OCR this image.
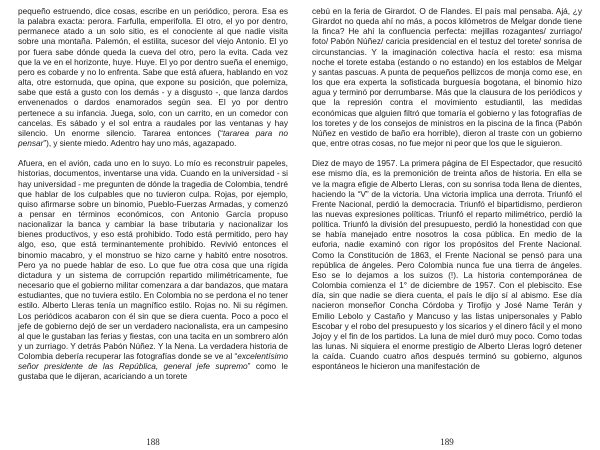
pequeño estruendo, dice cosas, escribe en un periódico, perora. Esa es la palabra exacta: perora. Farfulla, emperifolla. El otro, el yo por dentro, permanece atado a un solo sitio, es el conociente al que nadie visita sobre una montaña. Palemón, el estilita, sucesor del viejo Antonio. El yo por fuera sabe dónde queda la cueva del otro, pero la evita. Cada vez que la ve en el horizonte, huye. Huye. El yo por dentro sueña el enemigo, pero es cobarde y no lo enfrenta. Sabe que está afuera, hablando en voz alta, otre estornuda, que opina, que expone su posición, que polemiza, sabe que está a gusto con los demás - y a disgusto -, que lanza dardos envenenados o dardos enamorados según sea. El yo por dentro pertenece a su infancia. Juega, solo, con un carrito, en un comedor con cancelas. Es sábado y el sol entra a raudales por las ventanas y hay silencio. Un enorme silencio. Tararea entonces (“tararea para no pensar”), y siente miedo. Adentro hay uno más, agazapado.

Afuera, en el avión, cada uno en lo suyo. Lo mío es reconstruir papeles, historias, documentos, inventarse una vida. Cuando en la universidad - si hay universidad - me pregunten de dónde la tragedia de Colombia, tendré que hablar de los culpables que no tuvieron culpa. Rojas, por ejemplo, quiso afirmarse sobre un binomio, Pueblo-Fuerzas Armadas, y comenzó a pensar en términos económicos, con Antonio García propuso nacionalizar la banca y cambiar la base tributaria y nacionalizar los bienes productivos, y eso está prohibido. Todo está permitido, pero hay algo, eso, que está terminantemente prohibido. Revivió entonces el binomio macabro, y el monstruo se hizo carne y habitó entre nosotros. Pero ya no puede hablar de eso. Lo que fue otra cosa que una rígida dictadura y un sistema de corrupción repartido milimétricamente, fue necesario que el gobierno militar comenzara a dar bandazos, que matara estudiantes, que no tuviera estilo. En Colombia no se perdona el no tener estilo. Alberto Lleras tenía un magnífico estilo. Rojas no. Ni su régimen. Los periódicos acabaron con él sin que se diera cuenta. Poco a poco el jefe de gobierno dejó de ser un verdadero nacionalista, era un campesino al que le gustaban las ferias y fiestas, con una tacita en un sombrero alón y un zurriago. Y detrás Pabón Núñez. Y la Nena. La verdadera historia de Colombia debería recuperar las fotografías donde se ve al “excelentísimo señor presidente de las República, general jefe supremo” como le gustaba que le dijeran, acariciando a un torete

188

cebú en la feria de Girardot. O de Flandes. El país mal pensaba. Ajá, ¿y Girardot no queda ahí no más, a pocos kilómetros de Melgar donde tiene la finca? He ahí la confluencia perfecta: mejillas rozagantes/ zurriago/ foto/ Pabón Núñez/ caricia presidencial en el testuz del torete/ sonrisa de circunstancias. Y la imaginación colectiva hacía el resto: esa misma noche el torete estaba (estando o no estando) en los establos de Melgar y santas pascuas. A punta de pequeños pellizcos de monja como ese, en los que era experta la sofisticada burguesía bogotana, el binomio hizo agua y terminó por derrumbarse. Más que la clausura de los periódicos y que la represión contra el movimiento estudiantil, las medidas económicas que alguien filtró que tomaría el gobierno y las fotografías de los toretes y de los consejos de ministros en la piscina de la finca (Pabón Núñez en vestido de baño era horrible), dieron al traste con un gobierno que, entre otras cosas, no fue mejor ni peor que los que le siguieron.

Diez de mayo de 1957. La primera página de El Espectador, que resucitó ese mismo día, es la premonición de treinta años de historia. En ella se ve la magra efigie de Alberto Lleras, con su sonrisa toda llena de dientes, haciendo la “V” de la victoria. Una victoria implica una derrota. Triunfó el Frente Nacional, perdió la democracia. Triunfó el bipartidismo, perdieron las nuevas expresiones políticas. Triunfó el reparto milimétrico, perdió la política. Triunfó la división del presupuesto, perdió la honestidad con que se había manejado entre nosotros la cosa pública. En medio de la euforia, nadie examinó con rigor los propósitos del Frente Nacional. Como la Constitución de 1863, el Frente Nacional se pensó para una república de ángeles. Pero Colombia nunca fue una tierra de ángeles. Eso se lo dejamos a los suizos (!). La historia contemporánea de Colombia comienza el 1° de diciembre de 1957. Con el plebiscito. Ese día, sin que nadie se diera cuenta, el país le dijo sí al abismo. Ese día nacieron monseñor Concha Córdoba y Tirofijo y José Name Terán y Emilio Lebolo y Castaño y Mancuso y las listas unipersonales y Pablo Escobar y el robo del presupuesto y los sicarios y el dinero fácil y el mono Jojoy y el fin de los partidos. La luna de miel duró muy poco. Como todas las lunas. Ni siquiera el enorme prestigio de Alberto Lleras logró detener la caída. Cuando cuatro años después terminó su gobierno, algunos espontáneos le hicieron una manifestación de

189
